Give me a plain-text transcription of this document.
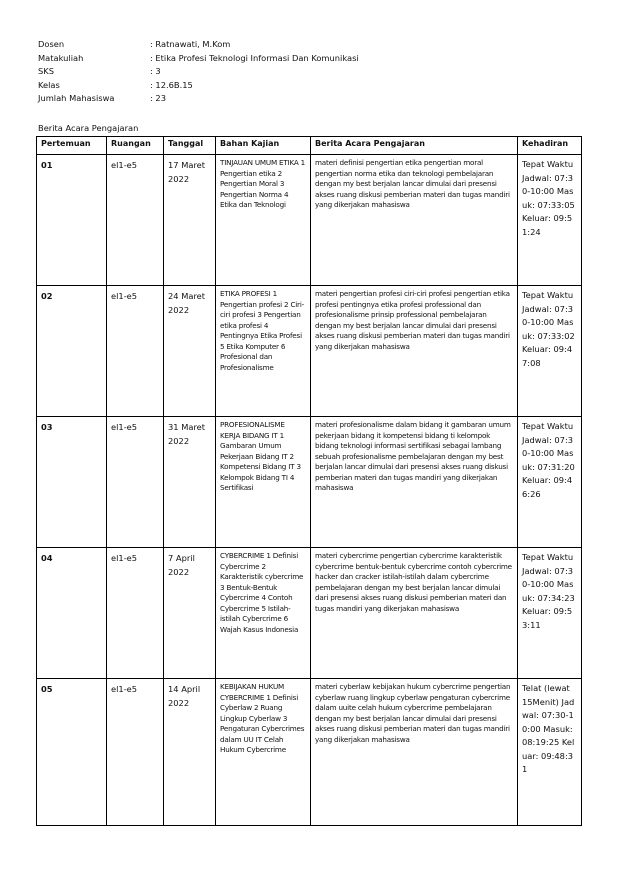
Dosen	: Ratnawati, M.Kom
Matakuliah	: Etika Profesi Teknologi Informasi Dan Komunikasi
SKS	: 3
Kelas	: 12.6B.15
Jumlah Mahasiswa	: 23
Berita Acara Pengajaran
Pertemuan	Ruangan	Tanggal	Bahan Kajian	Berita Acara Pengajaran	Kehadiran
01	el1-e5	17 Maret 2022	TINJAUAN UMUM ETIKA 1 Pengertian etika 2 Pengertian Moral 3 Pengertian Norma 4 Etika dan Teknologi	materi definisi pengertian etika pengertian moral pengertian norma etika dan teknologi pembelajaran dengan my best berjalan lancar dimulai dari presensi akses ruang diskusi pemberian materi dan tugas mandiri yang dikerjakan mahasiswa	Tepat Waktu Jadwal: 07:30-10:00 Masuk: 07:33:05 Keluar: 09:51:24
02	el1-e5	24 Maret 2022	ETIKA PROFESI 1 Pengertian profesi 2 Ciri-ciri profesi 3 Pengertian etika profesi 4 Pentingnya Etika Profesi 5 Etika Komputer 6 Profesional dan Profesionalisme	materi pengertian profesi ciri-ciri profesi pengertian etika profesi pentingnya etika profesi professional dan profesionalisme prinsip professional pembelajaran dengan my best berjalan lancar dimulai dari presensi akses ruang diskusi pemberian materi dan tugas mandiri yang dikerjakan mahasiswa	Tepat Waktu Jadwal: 07:30-10:00 Masuk: 07:33:02 Keluar: 09:47:08
03	el1-e5	31 Maret 2022	PROFESIONALISME KERJA BIDANG IT 1 Gambaran Umum Pekerjaan Bidang IT 2 Kompetensi Bidang IT 3 Kelompok Bidang TI 4 Sertifikasi	materi profesionalisme dalam bidang it gambaran umum pekerjaan bidang it kompetensi bidang ti kelompok bidang teknologi informasi sertifikasi sebagai lambang sebuah profesionalisme pembelajaran dengan my best berjalan lancar dimulai dari presensi akses ruang diskusi pemberian materi dan tugas mandiri yang dikerjakan mahasiswa	Tepat Waktu Jadwal: 07:30-10:00 Masuk: 07:31:20 Keluar: 09:46:26
04	el1-e5	7 April 2022	CYBERCRIME 1 Definisi Cybercrime 2 Karakteristik cybercrime 3 Bentuk-Bentuk Cybercrime 4 Contoh Cybercrime 5 Istilah-istilah Cybercrime 6 Wajah Kasus Indonesia	materi cybercrime pengertian cybercrime karakteristik cybercrime bentuk-bentuk cybercrime contoh cybercrime hacker dan cracker istilah-istilah dalam cybercrime pembelajaran dengan my best berjalan lancar dimulai dari presensi akses ruang diskusi pemberian materi dan tugas mandiri yang dikerjakan mahasiswa	Tepat Waktu Jadwal: 07:30-10:00 Masuk: 07:34:23 Keluar: 09:53:11
05	el1-e5	14 April 2022	KEBIJAKAN HUKUM CYBERCRIME 1 Definisi Cyberlaw 2 Ruang Lingkup Cyberlaw 3 Pengaturan Cybercrimes dalam UU IT Celah Hukum Cybercrime	materi cyberlaw kebijakan hukum cybercrime pengertian cyberlaw ruang lingkup cyberlaw pengaturan cybercrime dalam uuite celah hukum cybercrime pembelajaran dengan my best berjalan lancar dimulai dari presensi akses ruang diskusi pemberian materi dan tugas mandiri yang dikerjakan mahasiswa	Telat (lewat 15Menit) Jadwal: 07:30-10:00 Masuk: 08:19:25 Keluar: 09:48:31
